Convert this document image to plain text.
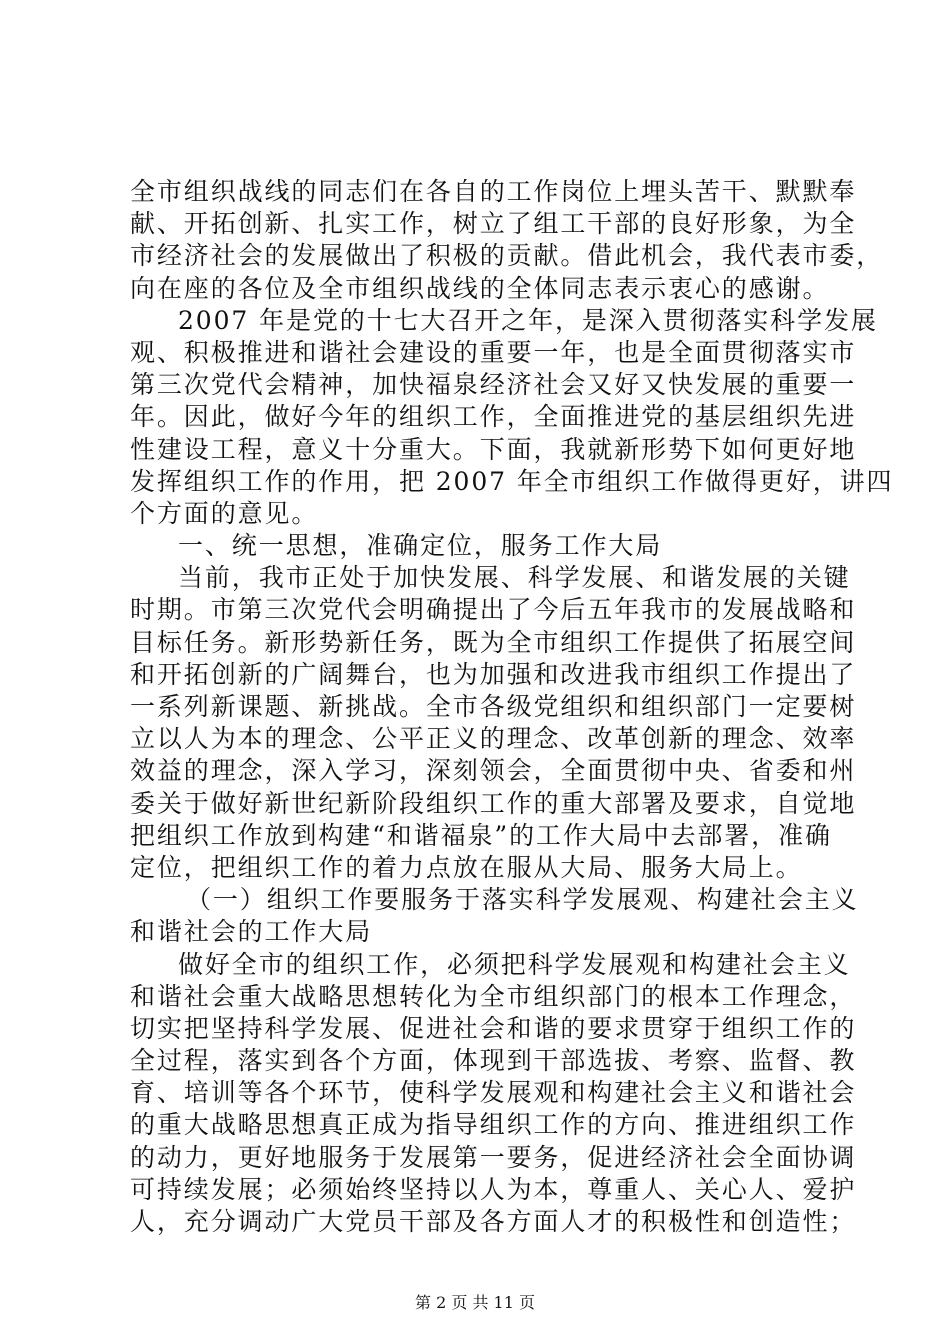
全市组织战线的同志们在各自的工作岗位上埋头苦干、默默奉
献、开拓创新、扎实工作，树立了组工干部的良好形象，为全
市经济社会的发展做出了积极的贡献。借此机会，我代表市委，
向在座的各位及全市组织战线的全体同志表示衷心的感谢。
2007 年是党的十七大召开之年，是深入贯彻落实科学发展
观、积极推进和谐社会建设的重要一年，也是全面贯彻落实市
第三次党代会精神，加快福泉经济社会又好又快发展的重要一
年。因此，做好今年的组织工作，全面推进党的基层组织先进
性建设工程，意义十分重大。下面，我就新形势下如何更好地
发挥组织工作的作用，把 2007 年全市组织工作做得更好，讲四
个方面的意见。
一、统一思想，准确定位，服务工作大局
当前，我市正处于加快发展、科学发展、和谐发展的关键
时期。市第三次党代会明确提出了今后五年我市的发展战略和
目标任务。新形势新任务，既为全市组织工作提供了拓展空间
和开拓创新的广阔舞台，也为加强和改进我市组织工作提出了
一系列新课题、新挑战。全市各级党组织和组织部门一定要树
立以人为本的理念、公平正义的理念、改革创新的理念、效率
效益的理念，深入学习，深刻领会，全面贯彻中央、省委和州
委关于做好新世纪新阶段组织工作的重大部署及要求，自觉地
把组织工作放到构建“和谐福泉”的工作大局中去部署，准确
定位，把组织工作的着力点放在服从大局、服务大局上。
（一）组织工作要服务于落实科学发展观、构建社会主义
和谐社会的工作大局
做好全市的组织工作，必须把科学发展观和构建社会主义
和谐社会重大战略思想转化为全市组织部门的根本工作理念，
切实把坚持科学发展、促进社会和谐的要求贯穿于组织工作的
全过程，落实到各个方面，体现到干部选拔、考察、监督、教
育、培训等各个环节，使科学发展观和构建社会主义和谐社会
的重大战略思想真正成为指导组织工作的方向、推进组织工作
的动力，更好地服务于发展第一要务，促进经济社会全面协调
可持续发展；必须始终坚持以人为本，尊重人、关心人、爱护
人，充分调动广大党员干部及各方面人才的积极性和创造性；
第 2 页 共 11 页
